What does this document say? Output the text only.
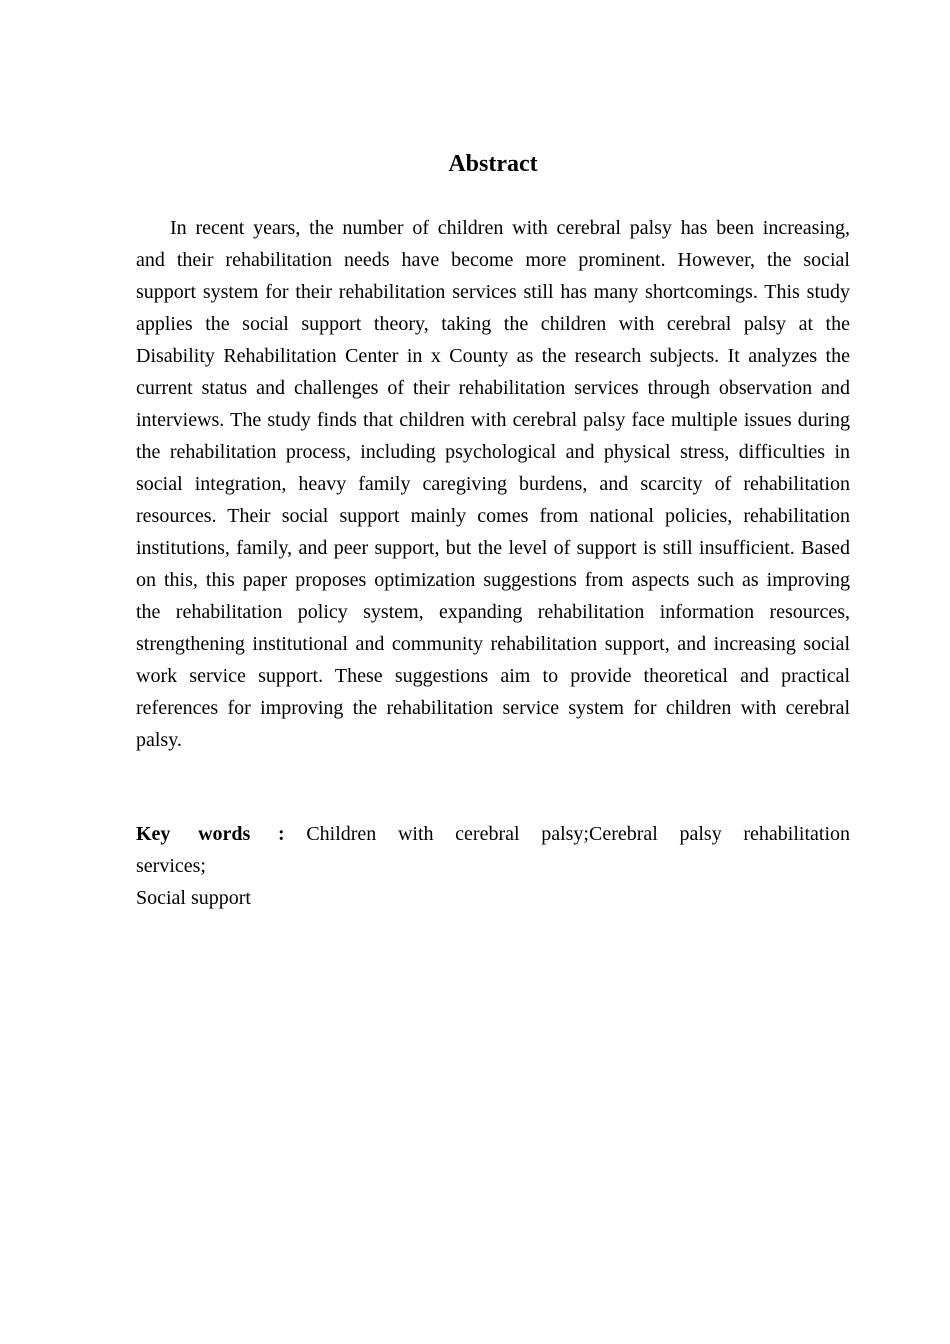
Abstract

In recent years, the number of children with cerebral palsy has been increasing, and their rehabilitation needs have become more prominent. However, the social support system for their rehabilitation services still has many shortcomings. This study applies the social support theory, taking the children with cerebral palsy at the Disability Rehabilitation Center in x County as the research subjects. It analyzes the current status and challenges of their rehabilitation services through observation and interviews. The study finds that children with cerebral palsy face multiple issues during the rehabilitation process, including psychological and physical stress, difficulties in social integration, heavy family caregiving burdens, and scarcity of rehabilitation resources. Their social support mainly comes from national policies, rehabilitation institutions, family, and peer support, but the level of support is still insufficient. Based on this, this paper proposes optimization suggestions from aspects such as improving the rehabilitation policy system, expanding rehabilitation information resources, strengthening institutional and community rehabilitation support, and increasing social work service support. These suggestions aim to provide theoretical and practical references for improving the rehabilitation service system for children with cerebral palsy.

Key words : Children with cerebral palsy;Cerebral palsy rehabilitation
services;
Social support
